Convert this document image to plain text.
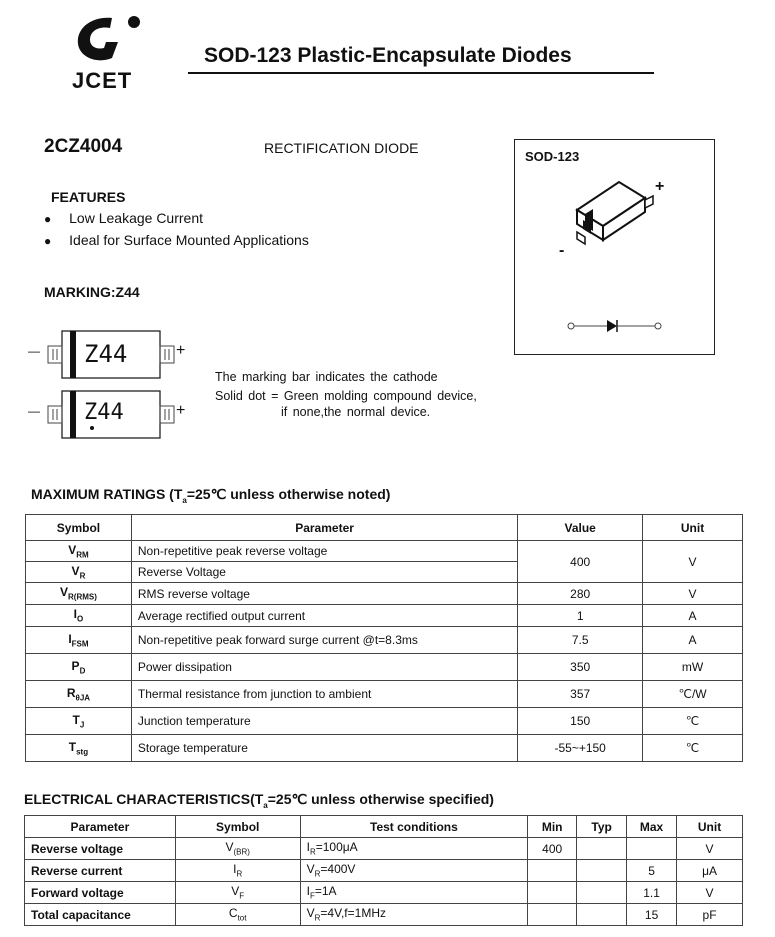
JCET
SOD-123 Plastic-Encapsulate Diodes
2CZ4004	RECTIFICATION DIODE
FEATURES
● Low Leakage Current
● Ideal for Surface Mounted Applications
MARKING:Z44
—	+
Z44
—	+
Z44
The marking bar indicates the cathode
Solid dot = Green molding compound device,
if none,the normal device.
SOD-123
+
-
MAXIMUM RATINGS ($T_a=25℃$ unless otherwise noted)
Symbol	Parameter	Value	Unit
$V_{RM}$	Non-repetitive peak reverse voltage	400	V
$V_R$	Reverse Voltage		
$V_{R(RMS)}$	RMS reverse voltage	280	V
$I_O$	Average rectified output current	1	A
$I_{FSM}$	Non-repetitive peak forward surge current @t=8.3ms	7.5	A
$P_D$	Power dissipation	350	mW
$R_{\theta JA}$	Thermal resistance from junction to ambient	357	℃/W
$T_J$	Junction temperature	150	℃
$T_{stg}$	Storage temperature	-55~+150	℃
ELECTRICAL $CHARACTERISTICS(T_a=25℃$ unless otherwise specified)
Parameter	Symbol	Test conditions	Min	Typ	Max	Unit
Reverse voltage	$V_{(BR)}$	$I_R=100\mu A$	400			V
Reverse current	$I_R$	$V_R=400V$			5	μA
Forward voltage	$V_F$	$I_F=1A$			1.1	V
Total capacitance	$C_{tot}$	$V_R=4V,f=1MHz$			15	pF
